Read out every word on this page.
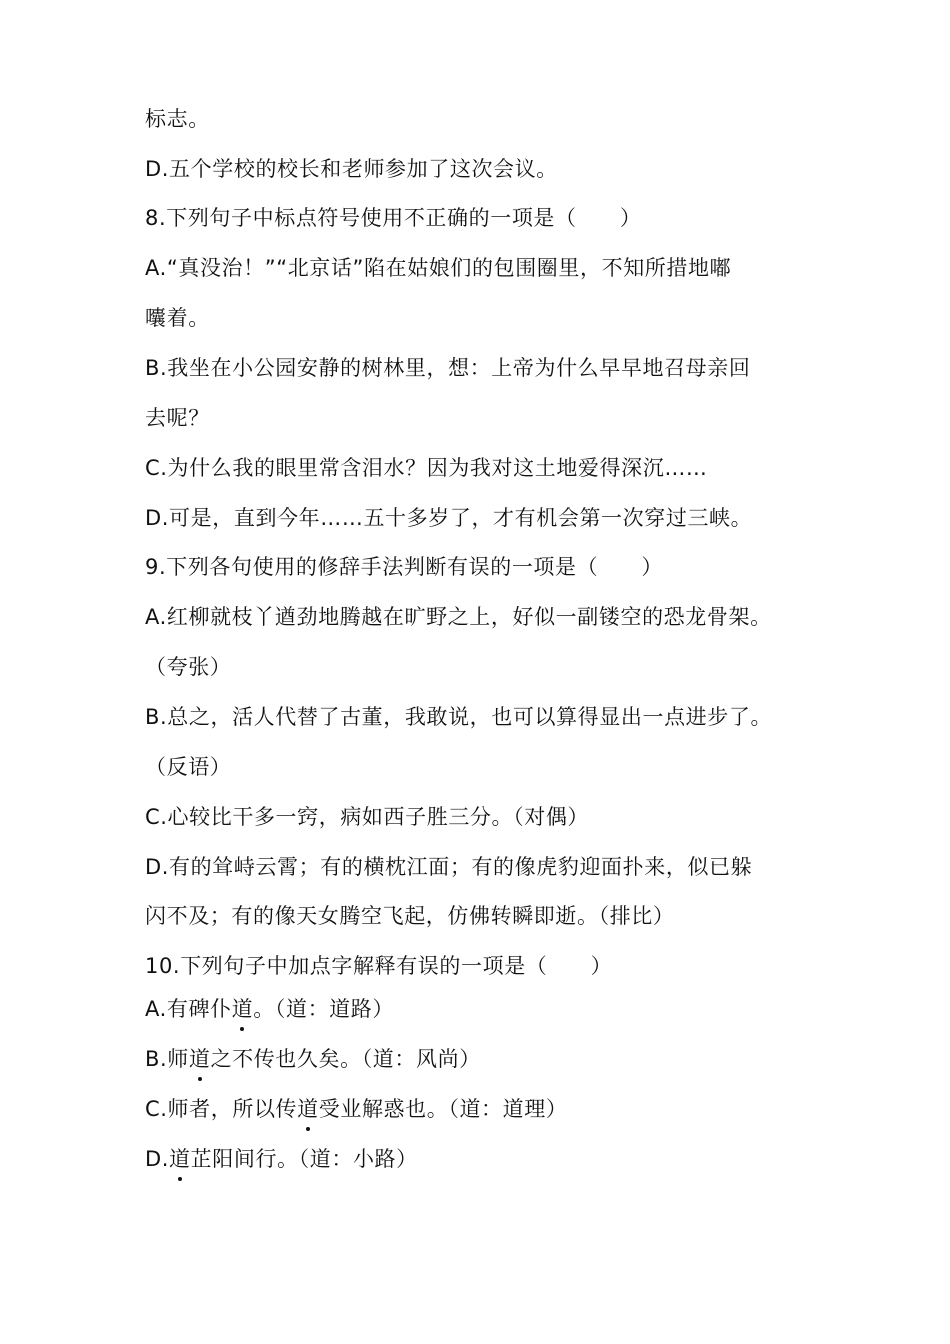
标志。
D.五个学校的校长和老师参加了这次会议。
8.下列句子中标点符号使用不正确的一项是（　　）
A.“真没治！”“北京话”陷在姑娘们的包围圈里，不知所措地嘟
囔着。
B.我坐在小公园安静的树林里，想：上帝为什么早早地召母亲回
去呢？
C.为什么我的眼里常含泪水？因为我对这土地爱得深沉……
D.可是，直到今年……五十多岁了，才有机会第一次穿过三峡。
9.下列各句使用的修辞手法判断有误的一项是（　　）
A.红柳就枝丫遒劲地腾越在旷野之上，好似一副镂空的恐龙骨架。
（夸张）
B.总之，活人代替了古董，我敢说，也可以算得显出一点进步了。
（反语）
C.心较比干多一窍，病如西子胜三分。（对偶）
D.有的耸峙云霄；有的横枕江面；有的像虎豹迎面扑来，似已躲
闪不及；有的像天女腾空飞起，仿佛转瞬即逝。（排比）
10.下列句子中加点字解释有误的一项是（　　）
A.有碑仆道。（道：道路）
B.师道之不传也久矣。（道：风尚）
C.师者，所以传道受业解惑也。（道：道理）
D.道芷阳间行。（道：小路）
